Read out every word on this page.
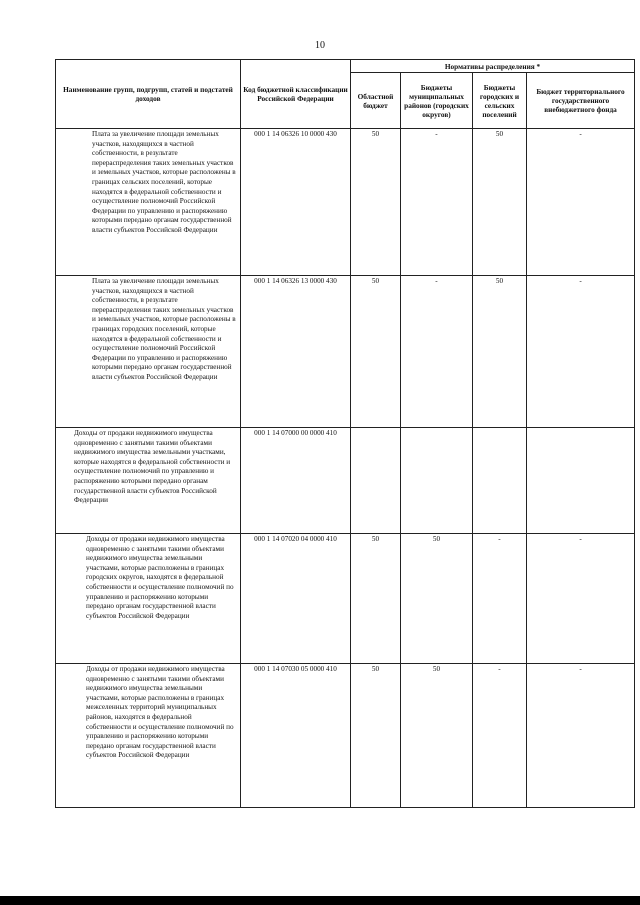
10
Наименование групп, подгрупп, статей и подстатей доходов	Код бюджетной классификации Российской Федерации	Нормативы распределения *			
		Областной бюджет	Бюджеты муниципальных районов (городских округов)	Бюджеты городских и сельских поселений	Бюджет территориального государственного внебюджетного фонда
Плата за увеличение площади земельных участков, находящихся в частной собственности, в результате перераспределения таких земельных участков и земельных участков, которые расположены в границах сельских поселений, которые находятся в федеральной собственности и осуществление полномочий Российской Федерации по управлению и распоряжению которыми передано органам государственной власти субъектов Российской Федерации	000 1 14 06326 10 0000 430	50	-	50	-
Плата за увеличение площади земельных участков, находящихся в частной собственности, в результате перераспределения таких земельных участков и земельных участков, которые расположены в границах городских поселений, которые находятся в федеральной собственности и осуществление полномочий Российской Федерации по управлению и распоряжению которыми передано органам государственной власти субъектов Российской Федерации	000 1 14 06326 13 0000 430	50	-	50	-
Доходы от продажи недвижимого имущества одновременно с занятыми такими объектами недвижимого имущества земельными участками, которые находятся в федеральной собственности и осуществление полномочий по управлению и распоряжению которыми передано органам государственной власти субъектов Российской Федерации	000 1 14 07000 00 0000 410				
Доходы от продажи недвижимого имущества одновременно с занятыми такими объектами недвижимого имущества земельными участками, которые расположены в границах городских округов, находятся в федеральной собственности и осуществление полномочий по управлению и распоряжению которыми передано органам государственной власти субъектов Российской Федерации	000 1 14 07020 04 0000 410	50	50	-	-
Доходы от продажи недвижимого имущества одновременно с занятыми такими объектами недвижимого имущества земельными участками, которые расположены в границах межселенных территорий муниципальных районов, находятся в федеральной собственности и осуществление полномочий по управлению и распоряжению которыми передано органам государственной власти субъектов Российской Федерации	000 1 14 07030 05 0000 410	50	50	-	-
